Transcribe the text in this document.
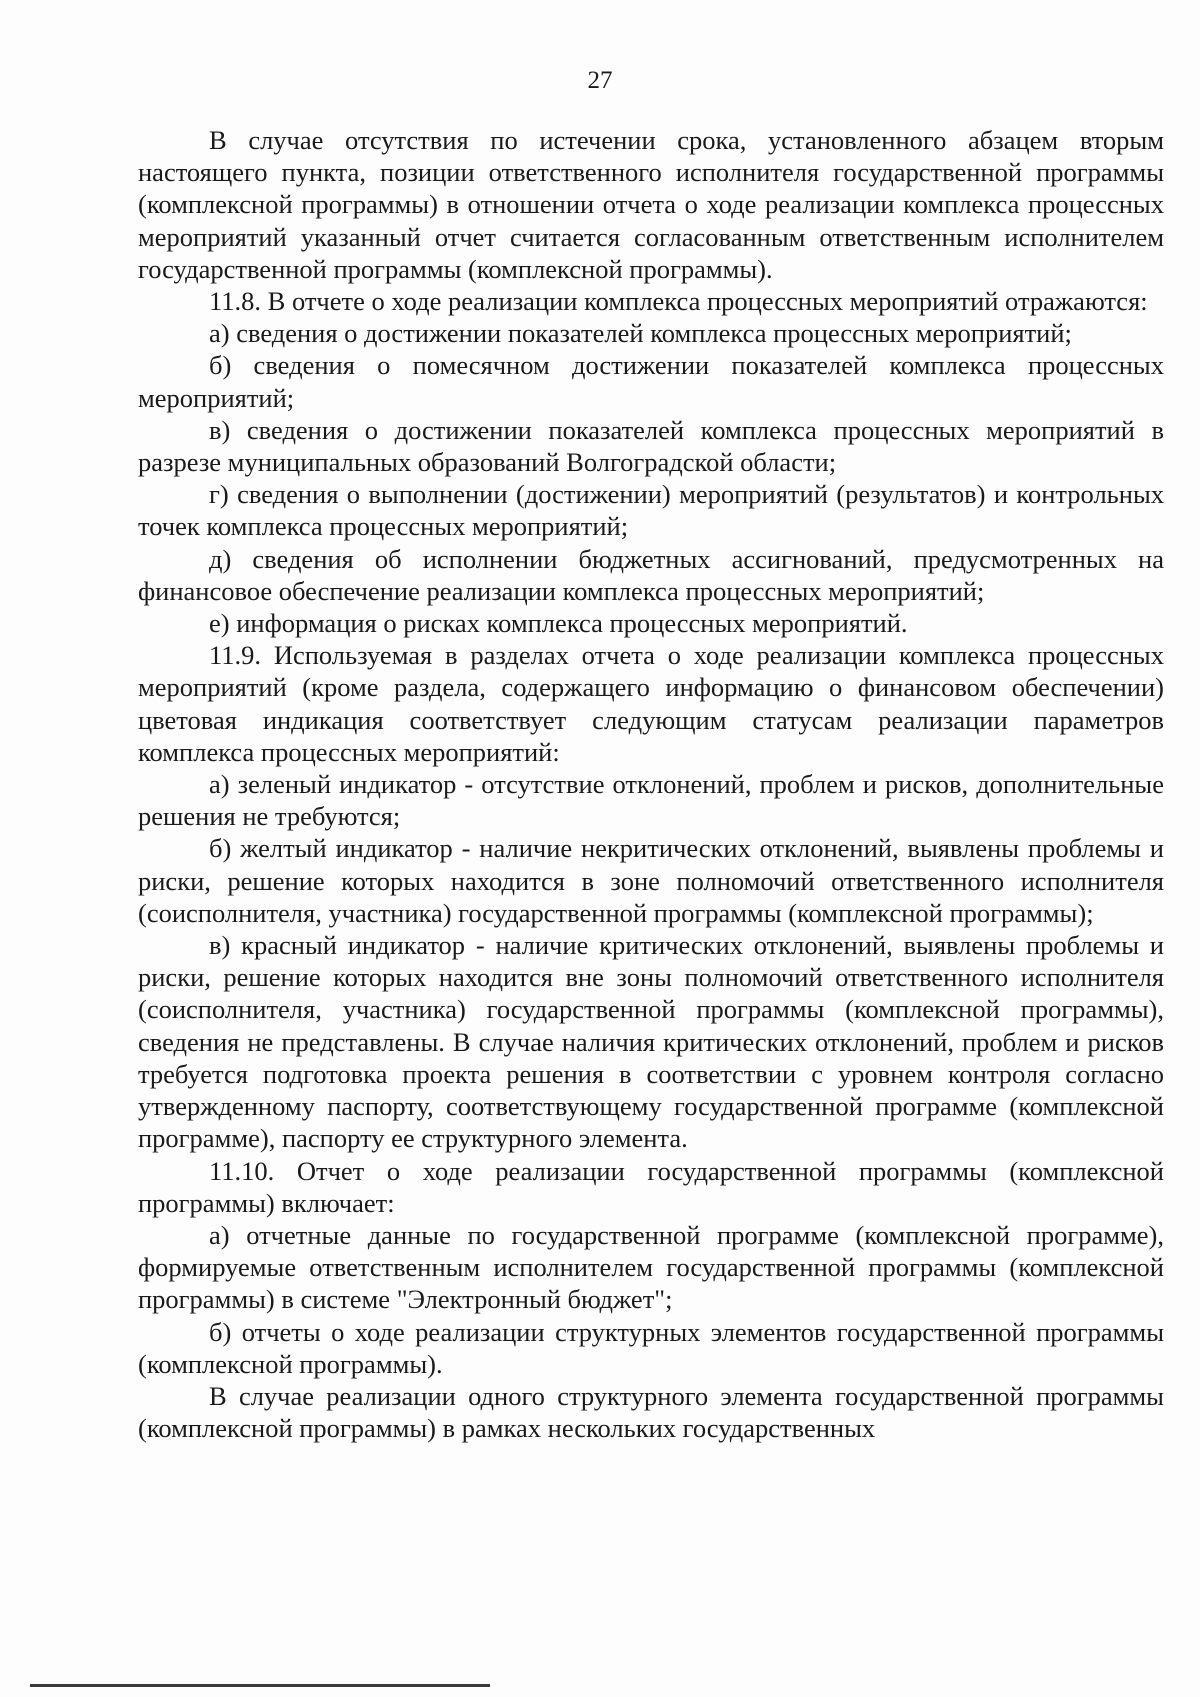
27

В случае отсутствия по истечении срока, установленного абзацем вторым настоящего пункта, позиции ответственного исполнителя государственной программы (комплексной программы) в отношении отчета о ходе реализации комплекса процессных мероприятий указанный отчет считается согласованным ответственным исполнителем государственной программы (комплексной программы).

11.8. В отчете о ходе реализации комплекса процессных мероприятий отражаются:

а) сведения о достижении показателей комплекса процессных мероприятий;

б) сведения о помесячном достижении показателей комплекса процессных мероприятий;

в) сведения о достижении показателей комплекса процессных мероприятий в разрезе муниципальных образований Волгоградской области;

г) сведения о выполнении (достижении) мероприятий (результатов) и контрольных точек комплекса процессных мероприятий;

д) сведения об исполнении бюджетных ассигнований, предусмотренных на финансовое обеспечение реализации комплекса процессных мероприятий;

е) информация о рисках комплекса процессных мероприятий.

11.9. Используемая в разделах отчета о ходе реализации комплекса процессных мероприятий (кроме раздела, содержащего информацию о финансовом обеспечении) цветовая индикация соответствует следующим статусам реализации параметров комплекса процессных мероприятий:

а) зеленый индикатор - отсутствие отклонений, проблем и рисков, дополнительные решения не требуются;

б) желтый индикатор - наличие некритических отклонений, выявлены проблемы и риски, решение которых находится в зоне полномочий ответственного исполнителя (соисполнителя, участника) государственной программы (комплексной программы);

в) красный индикатор - наличие критических отклонений, выявлены проблемы и риски, решение которых находится вне зоны полномочий ответственного исполнителя (соисполнителя, участника) государственной программы (комплексной программы), сведения не представлены. В случае наличия критических отклонений, проблем и рисков требуется подготовка проекта решения в соответствии с уровнем контроля согласно утвержденному паспорту, соответствующему государственной программе (комплексной программе), паспорту ее структурного элемента.

11.10. Отчет о ходе реализации государственной программы (комплексной программы) включает:

а) отчетные данные по государственной программе (комплексной программе), формируемые ответственным исполнителем государственной программы (комплексной программы) в системе "Электронный бюджет";

б) отчеты о ходе реализации структурных элементов государственной программы (комплексной программы).

В случае реализации одного структурного элемента государственной программы (комплексной программы) в рамках нескольких государственных
